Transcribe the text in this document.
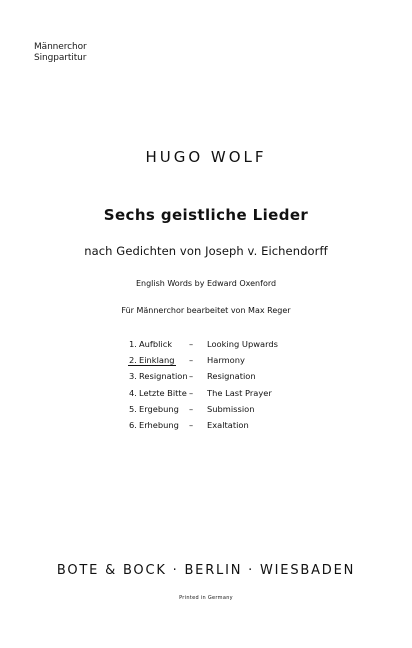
Männerchor
Singpartitur
HUGO WOLF
Sechs geistliche Lieder
nach Gedichten von Joseph v. Eichendorff
English Words by Edward Oxenford
Für Männerchor bearbeitet von Max Reger
1. Aufblick – Looking Upwards
2. Einklang – Harmony
3. Resignation – Resignation
4. Letzte Bitte – The Last Prayer
5. Ergebung – Submission
6. Erhebung – Exaltation
BOTE & BOCK · BERLIN · WIESBADEN
Printed in Germany
